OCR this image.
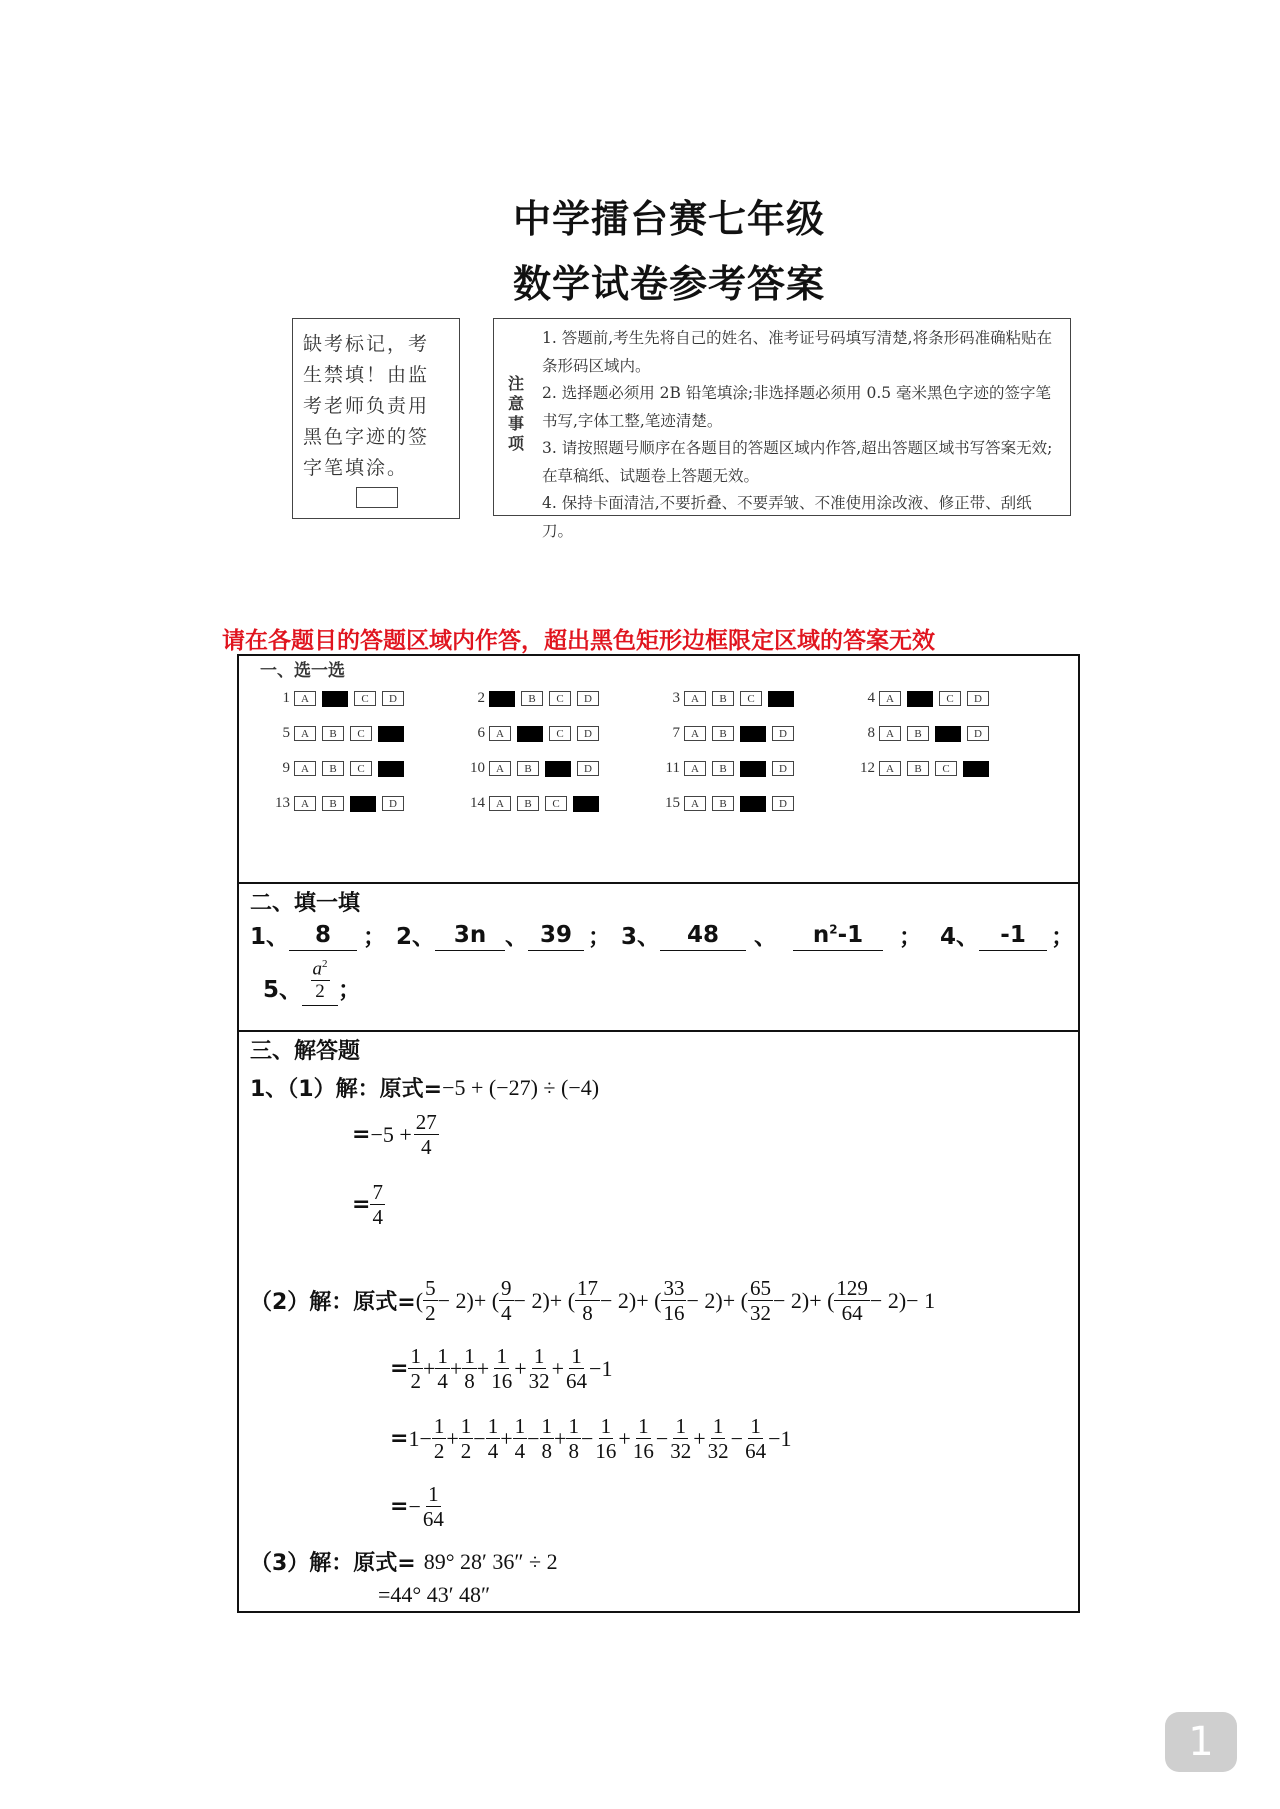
中学擂台赛七年级
数学试卷参考答案
缺考标记，考生禁填！由监考老师负责用黑色字迹的签字笔填涂。
注意事项
1. 答题前,考生先将自己的姓名、准考证号码填写清楚,将条形码准确粘贴在条形码区域内。
2. 选择题必须用 2B 铅笔填涂;非选择题必须用 0.5 毫米黑色字迹的签字笔书写,字体工整,笔迹清楚。
3. 请按照题号顺序在各题目的答题区域内作答,超出答题区域书写答案无效;在草稿纸、试题卷上答题无效。
4. 保持卡面清洁,不要折叠、不要弄皱、不准使用涂改液、修正带、刮纸刀。
请在各题目的答题区域内作答，超出黑色矩形边框限定区域的答案无效
一、选一选
1	A	C	D	2	B	C	D	3	A	B	C	4	A	C	D
5	A	B	C	6	A	C	D	7	A	B	D	8	A	B	D
9	A	B	C	10	A	B	D	11	A	B	D	12	A	B	C
13	A	B	D	14	A	B	C	15	A	B	D
二、填一填
1、	8	； 2、 3n 、 39 ； 3、	48	、	$n^2-1$	； 4、 -1	；
5、 $\frac{a^2}{2}$ ；
三、解答题
1、（1）解：原式= −5 + (−27) ÷ (−4)
= $-5 + \frac{27}{4}$
= $\frac{7}{4}$
（2）解：原式= ( $\frac{5}{2} - 2$) + ( $\frac{9}{4} - 2$) + ( $\frac{17}{8} - 2$) + ( $\frac{33}{16} - 2$) + ( $\frac{65}{32} - 2$) + ( $\frac{129}{64} - 2) - 1$
= $\frac{1}{2} + \frac{1}{4} + \frac{1}{8} + \frac{1}{16} + \frac{1}{32} + \frac{1}{64} -1$
= $1- \frac{1}{2} + \frac{1}{2} - \frac{1}{4} + \frac{1}{4} - \frac{1}{8} + \frac{1}{8} - \frac{1}{16} + \frac{1}{16} - \frac{1}{32} + \frac{1}{32} - \frac{1}{64} -1$
= − $\frac{1}{64}$
（3）解：原式= 89° 28′ 36″ ÷ 2
=44° 43′ 48″
1
